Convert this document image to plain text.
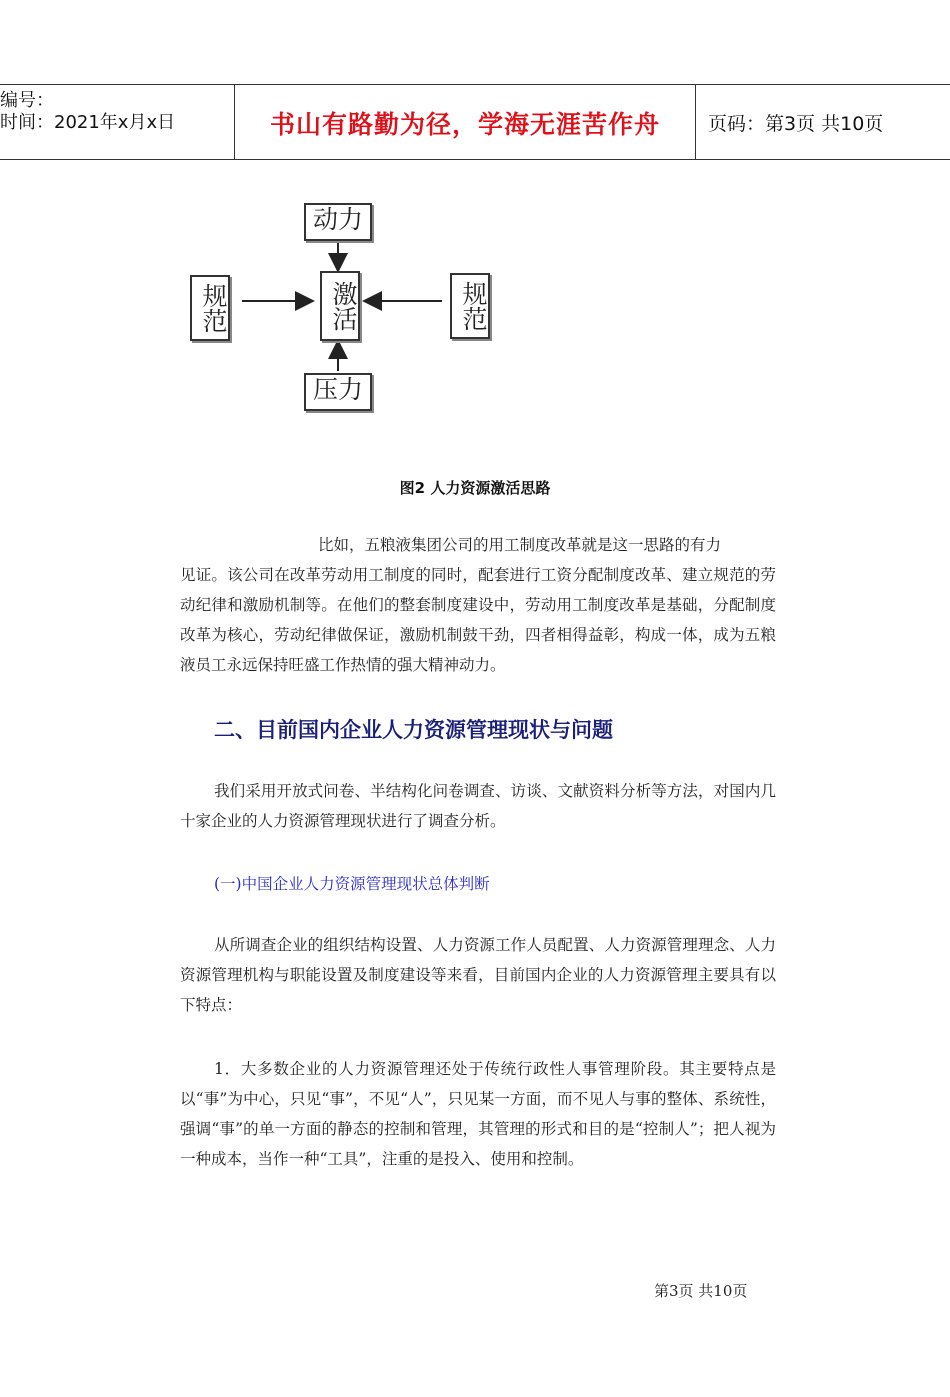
编号：
时间：2021年x月x日	书山有路勤为径，学海无涯苦作舟	页码：第3页 共10页
动力
规范	激活	规范
压力
图2 人力资源激活思路
比如，五粮液集团公司的用工制度改革就是这一思路的有力
见证。该公司在改革劳动用工制度的同时，配套进行工资分配制度改革、建立规范的劳动纪律和激励机制等。在他们的整套制度建设中，劳动用工制度改革是基础，分配制度改革为核心，劳动纪律做保证，激励机制鼓干劲，四者相得益彰，构成一体，成为五粮液员工永远保持旺盛工作热情的强大精神动力。
二、目前国内企业人力资源管理现状与问题
我们采用开放式问卷、半结构化问卷调查、访谈、文献资料分析等方法，对国内几十家企业的人力资源管理现状进行了调查分析。
(一)中国企业人力资源管理现状总体判断
从所调查企业的组织结构设置、人力资源工作人员配置、人力资源管理理念、人力资源管理机构与职能设置及制度建设等来看，目前国内企业的人力资源管理主要具有以下特点：
1．大多数企业的人力资源管理还处于传统行政性人事管理阶段。其主要特点是以“事”为中心，只见“事”，不见“人”，只见某一方面，而不见人与事的整体、系统性，强调“事”的单一方面的静态的控制和管理，其管理的形式和目的是“控制人”；把人视为一种成本，当作一种“工具”，注重的是投入、使用和控制。
第3页 共10页
